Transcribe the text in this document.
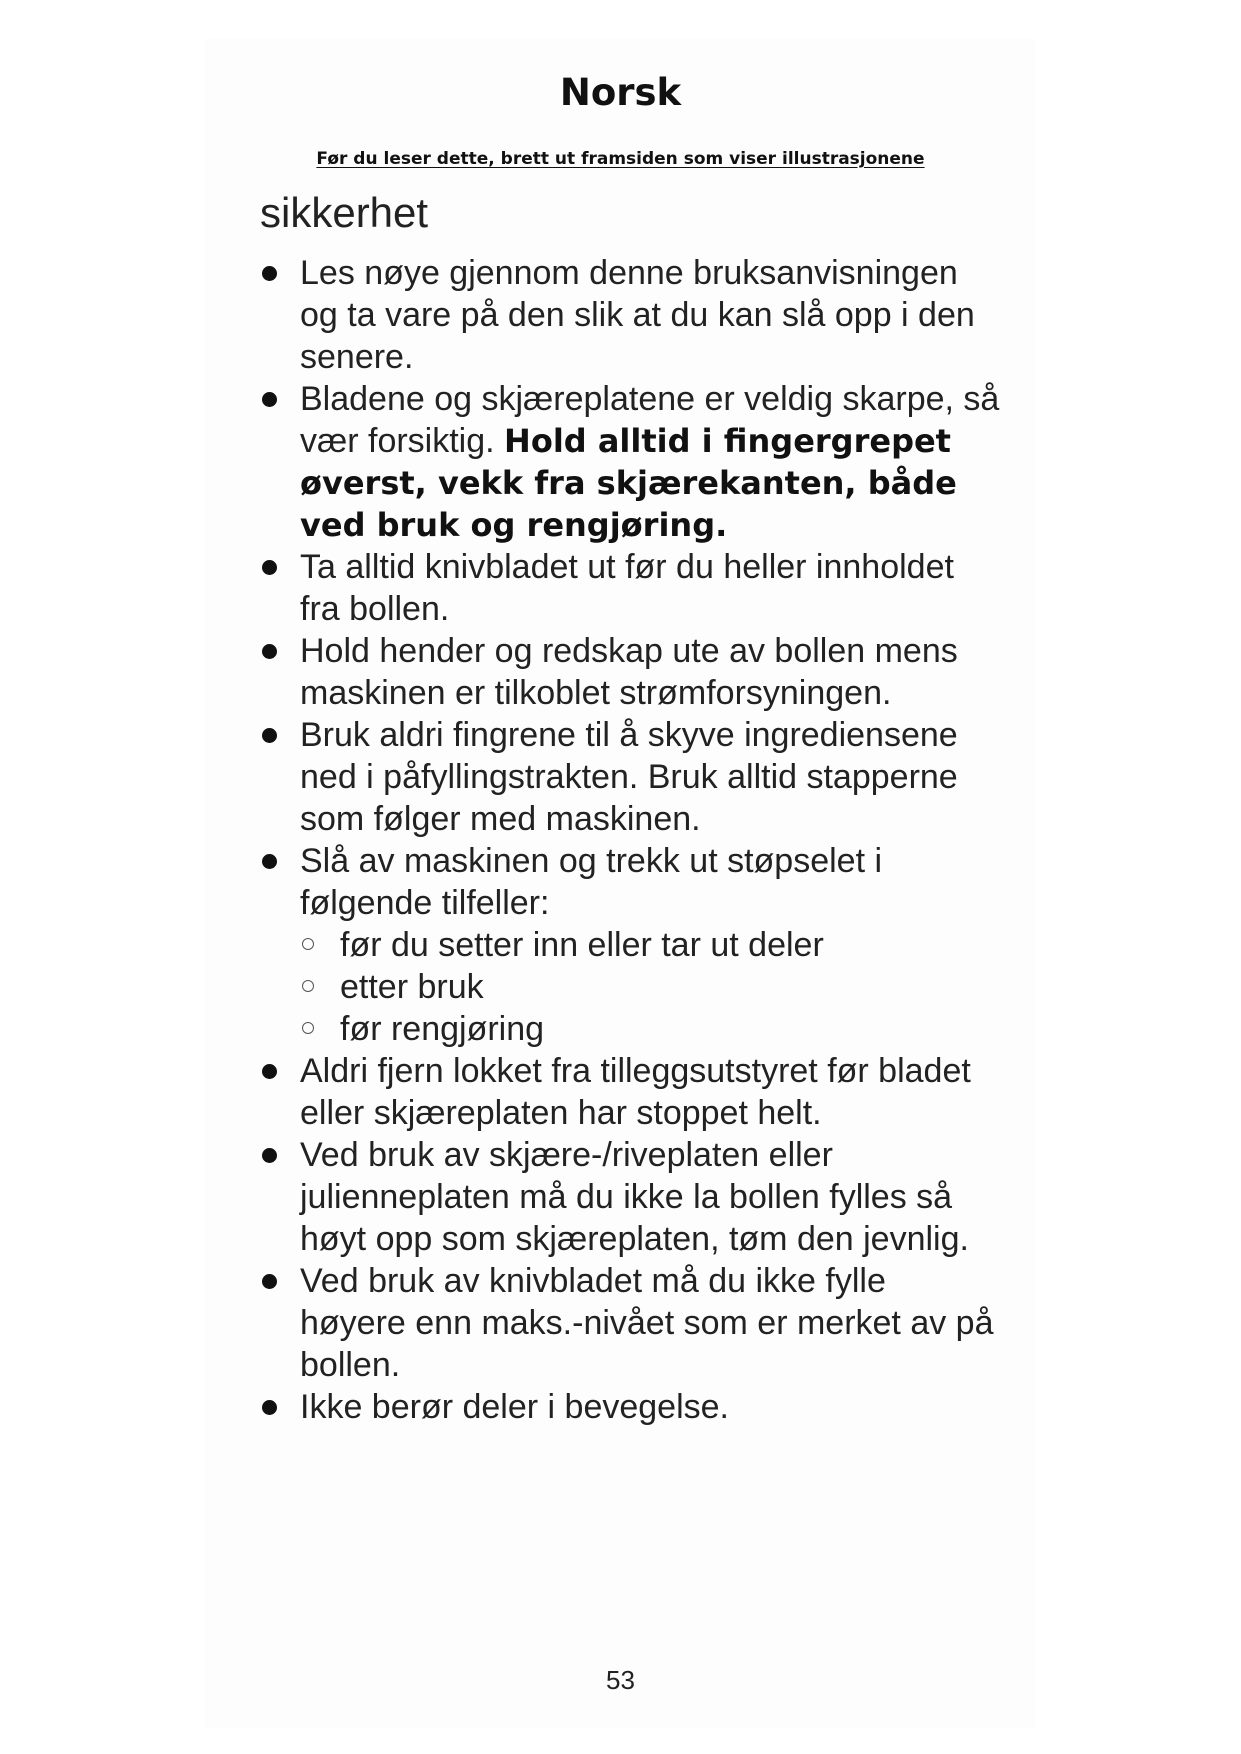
Norsk

Før du leser dette, brett ut framsiden som viser illustrasjonene

sikkerhet
Les nøye gjennom denne bruksanvisningen og ta vare på den slik at du kan slå opp i den senere.
Bladene og skjæreplatene er veldig skarpe, så vær forsiktig. Hold alltid i fingergrepet øverst, vekk fra skjærekanten, både ved bruk og rengjøring.
Ta alltid knivbladet ut før du heller innholdet fra bollen.
Hold hender og redskap ute av bollen mens maskinen er tilkoblet strømforsyningen.
Bruk aldri fingrene til å skyve ingrediensene ned i påfyllingstrakten. Bruk alltid stapperne som følger med maskinen.
Slå av maskinen og trekk ut støpselet i følgende tilfeller:
før du setter inn eller tar ut deler
etter bruk
før rengjøring
Aldri fjern lokket fra tilleggsutstyret før bladet eller skjæreplaten har stoppet helt.
Ved bruk av skjære-/riveplaten eller julienneplaten må du ikke la bollen fylles så høyt opp som skjæreplaten, tøm den jevnlig.
Ved bruk av knivbladet må du ikke fylle høyere enn maks.-nivået som er merket av på bollen.
Ikke berør deler i bevegelse.

53
